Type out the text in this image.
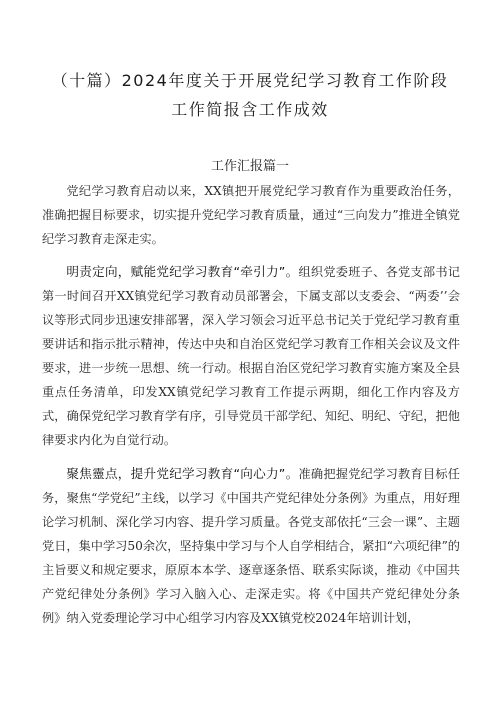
（十篇）2024年度关于开展党纪学习教育工作阶段
工作简报含工作成效
工作汇报篇一

党纪学习教育启动以来，XX镇把开展党纪学习教育作为重要政治任务，准确把握目标要求，切实提升党纪学习教育质量，通过“三向发力”推进全镇党纪学习教育走深走实。

明责定向，赋能党纪学习教育“牵引力”。组织党委班子、各党支部书记第一时间召开XX镇党纪学习教育动员部署会，下属支部以支委会、“两委’’会议等形式同步迅速安排部署，深入学习领会习近平总书记关于党纪学习教育重要讲话和指示批示精神，传达中央和自治区党纪学习教育工作相关会议及文件要求，进一步统一思想、统一行动。根据自治区党纪学习教育实施方案及全县重点任务清单，印发XX镇党纪学习教育工作提示两期，细化工作内容及方式，确保党纪学习教育学有序，引导党员干部学纪、知纪、明纪、守纪，把他律要求内化为自觉行动。

聚焦靈点，提升党纪学习教育“向心力”。准确把握党纪学习教育目标任务，聚焦“学党纪”主线，以学习《中国共产党纪律处分条例》为重点，用好理论学习机制、深化学习内容、提升学习质量。各党支部依托“三会一课”、主题党日，集中学习50余次，坚持集中学习与个人自学相结合，紧扣“六项纪律”的主旨要义和规定要求，原原本本学、逐章逐条悟、联系实际谈，推动《中国共产党纪律处分条例》学习入脑入心、走深走实。将《中国共产党纪律处分条例》纳入党委理论学习中心组学习内容及XX镇党校2024年培训计划，
